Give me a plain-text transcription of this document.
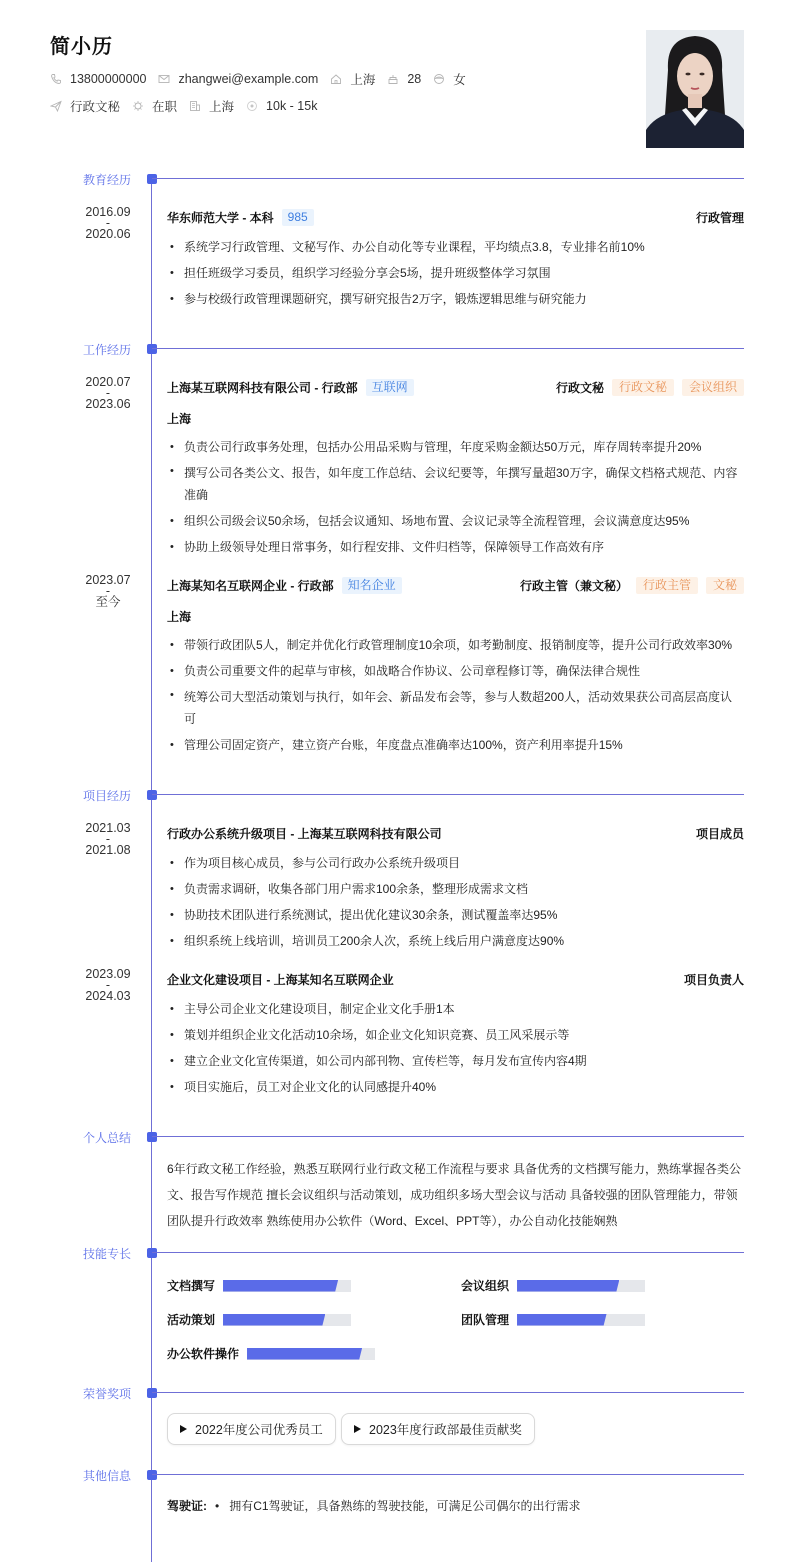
简小历
13800000000	zhangwei@example.com	上海	28	女
行政文秘	在职	上海	10k - 15k
教育经历
2016.09
-
2020.06
华东师范大学 - 本科	985	行政管理
• 系统学习行政管理、文秘写作、办公自动化等专业课程，平均绩点3.8，专业排名前10%
• 担任班级学习委员，组织学习经验分享会5场，提升班级整体学习氛围
• 参与校级行政管理课题研究，撰写研究报告2万字，锻炼逻辑思维与研究能力
工作经历
2020.07
-
2023.06
上海某互联网科技有限公司 - 行政部	互联网	行政文秘	行政文秘	会议组织
上海
• 负责公司行政事务处理，包括办公用品采购与管理，年度采购金额达50万元，库存周转率提升20%
• 撰写公司各类公文、报告，如年度工作总结、会议纪要等，年撰写量超30万字，确保文档格式规范、内容准确
• 组织公司级会议50余场，包括会议通知、场地布置、会议记录等全流程管理，会议满意度达95%
• 协助上级领导处理日常事务，如行程安排、文件归档等，保障领导工作高效有序
2023.07
-
至今
上海某知名互联网企业 - 行政部	知名企业	行政主管（兼文秘）	行政主管	文秘
上海
• 带领行政团队5人，制定并优化行政管理制度10余项，如考勤制度、报销制度等，提升公司行政效率30%
• 负责公司重要文件的起草与审核，如战略合作协议、公司章程修订等，确保法律合规性
• 统筹公司大型活动策划与执行，如年会、新品发布会等，参与人数超200人，活动效果获公司高层高度认可
• 管理公司固定资产，建立资产台账，年度盘点准确率达100%，资产利用率提升15%
项目经历
2021.03
-
2021.08
行政办公系统升级项目 - 上海某互联网科技有限公司	项目成员
• 作为项目核心成员，参与公司行政办公系统升级项目
• 负责需求调研，收集各部门用户需求100余条，整理形成需求文档
• 协助技术团队进行系统测试，提出优化建议30余条，测试覆盖率达95%
• 组织系统上线培训，培训员工200余人次，系统上线后用户满意度达90%
2023.09
-
2024.03
企业文化建设项目 - 上海某知名互联网企业	项目负责人
• 主导公司企业文化建设项目，制定企业文化手册1本
• 策划并组织企业文化活动10余场，如企业文化知识竞赛、员工风采展示等
• 建立企业文化宣传渠道，如公司内部刊物、宣传栏等，每月发布宣传内容4期
• 项目实施后，员工对企业文化的认同感提升40%
个人总结
6年行政文秘工作经验，熟悉互联网行业行政文秘工作流程与要求 具备优秀的文档撰写能力，熟练掌握各类公文、报告写作规范 擅长会议组织与活动策划，成功组织多场大型会议与活动 具备较强的团队管理能力，带领团队提升行政效率 熟练使用办公软件（Word、Excel、PPT等），办公自动化技能娴熟
技能专长
文档撰写	会议组织
活动策划	团队管理
办公软件操作
荣誉奖项
2022年度公司优秀员工	2023年度行政部最佳贡献奖
其他信息
驾驶证: • 拥有C1驾驶证，具备熟练的驾驶技能，可满足公司偶尔的出行需求
